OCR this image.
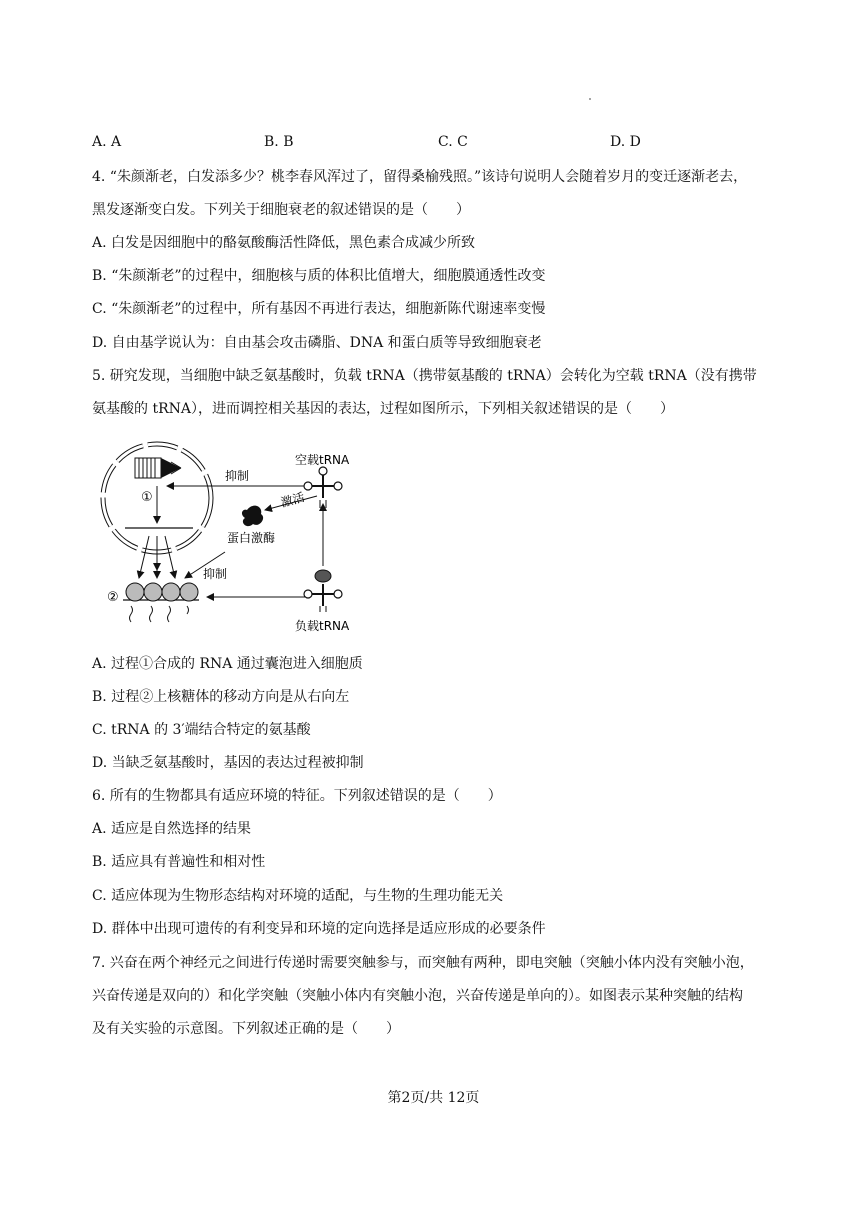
A. A	B. B	C. C	D. D
4. “朱颜渐老，白发添多少？桃李春风浑过了，留得桑榆残照。”该诗句说明人会随着岁月的变迁逐渐老去，
黑发逐渐变白发。下列关于细胞衰老的叙述错误的是（　　）
A. 白发是因细胞中的酪氨酸酶活性降低，黑色素合成减少所致
B. “朱颜渐老”的过程中，细胞核与质的体积比值增大，细胞膜通透性改变
C. “朱颜渐老”的过程中，所有基因不再进行表达，细胞新陈代谢速率变慢
D. 自由基学说认为：自由基会攻击磷脂、DNA 和蛋白质等导致细胞衰老
5. 研究发现，当细胞中缺乏氨基酸时，负载 tRNA（携带氨基酸的 tRNA）会转化为空载 tRNA（没有携带
氨基酸的 tRNA），进而调控相关基因的表达，过程如图所示，下列相关叙述错误的是（　　）
①
抑制
空载tRNA
激活
蛋白激酶
抑制
负载tRNA
②
A. 过程①合成的 RNA 通过囊泡进入细胞质
B. 过程②上核糖体的移动方向是从右向左
C. tRNA 的 3′端结合特定的氨基酸
D. 当缺乏氨基酸时，基因的表达过程被抑制
6. 所有的生物都具有适应环境的特征。下列叙述错误的是（　　）
A. 适应是自然选择的结果
B. 适应具有普遍性和相对性
C. 适应体现为生物形态结构对环境的适配，与生物的生理功能无关
D. 群体中出现可遗传的有利变异和环境的定向选择是适应形成的必要条件
7. 兴奋在两个神经元之间进行传递时需要突触参与，而突触有两种，即电突触（突触小体内没有突触小泡，
兴奋传递是双向的）和化学突触（突触小体内有突触小泡，兴奋传递是单向的）。如图表示某种突触的结构
及有关实验的示意图。下列叙述正确的是（　　）
第2页/共 12页
